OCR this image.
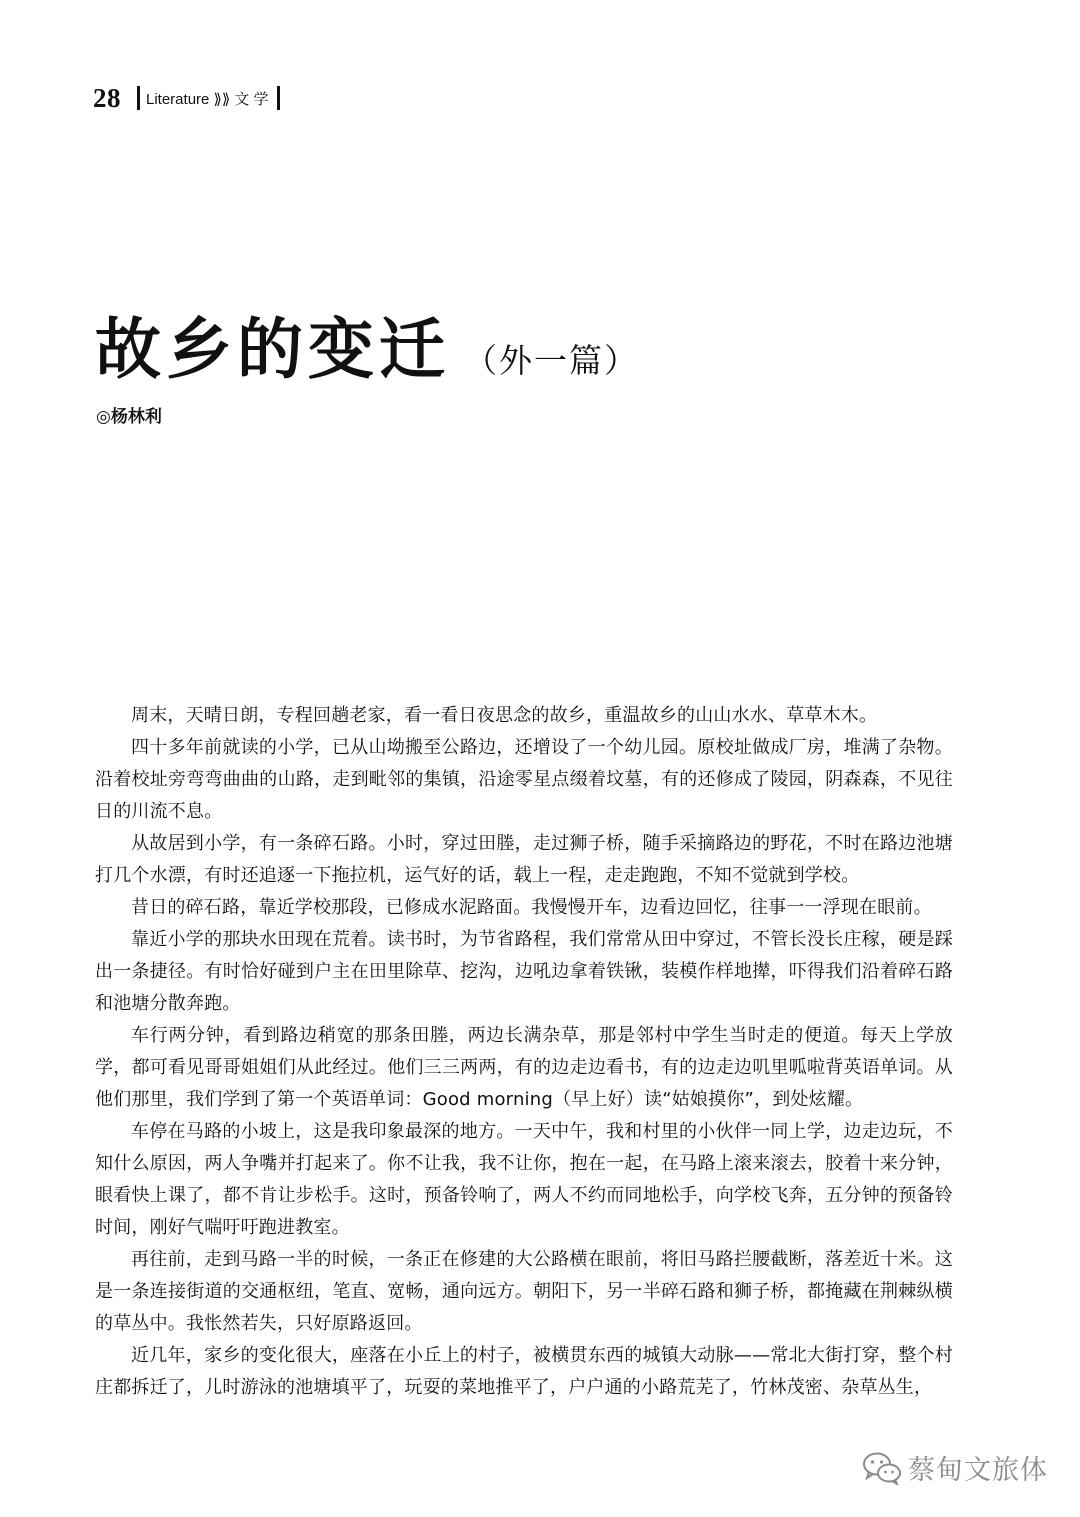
28 Literature ⟫⟫ 文 学
故乡的变迁 （外一篇）
◎杨林利

周末，天晴日朗，专程回趟老家，看一看日夜思念的故乡，重温故乡的山山水水、草草木木。

四十多年前就读的小学，已从山坳搬至公路边，还增设了一个幼儿园。原校址做成厂房，堆满了杂物。沿着校址旁弯弯曲曲的山路，走到毗邻的集镇，沿途零星点缀着坟墓，有的还修成了陵园，阴森森，不见往日的川流不息。

从故居到小学，有一条碎石路。小时，穿过田塍，走过狮子桥，随手采摘路边的野花，不时在路边池塘打几个水漂，有时还追逐一下拖拉机，运气好的话，载上一程，走走跑跑，不知不觉就到学校。

昔日的碎石路，靠近学校那段，已修成水泥路面。我慢慢开车，边看边回忆，往事一一浮现在眼前。

靠近小学的那块水田现在荒着。读书时，为节省路程，我们常常从田中穿过，不管长没长庄稼，硬是踩出一条捷径。有时恰好碰到户主在田里除草、挖沟，边吼边拿着铁锹，装模作样地撵，吓得我们沿着碎石路和池塘分散奔跑。

车行两分钟，看到路边稍宽的那条田塍，两边长满杂草，那是邻村中学生当时走的便道。每天上学放学，都可看见哥哥姐姐们从此经过。他们三三两两，有的边走边看书，有的边走边叽里呱啦背英语单词。从他们那里，我们学到了第一个英语单词：Good morning（早上好）读“姑娘摸你”，到处炫耀。

车停在马路的小坡上，这是我印象最深的地方。一天中午，我和村里的小伙伴一同上学，边走边玩，不知什么原因，两人争嘴并打起来了。你不让我，我不让你，抱在一起，在马路上滚来滚去，胶着十来分钟，眼看快上课了，都不肯让步松手。这时，预备铃响了，两人不约而同地松手，向学校飞奔，五分钟的预备铃时间，刚好气喘吁吁跑进教室。

再往前，走到马路一半的时候，一条正在修建的大公路横在眼前，将旧马路拦腰截断，落差近十米。这是一条连接街道的交通枢纽，笔直、宽畅，通向远方。朝阳下，另一半碎石路和狮子桥，都掩藏在荆棘纵横的草丛中。我怅然若失，只好原路返回。

近几年，家乡的变化很大，座落在小丘上的村子，被横贯东西的城镇大动脉——常北大街打穿，整个村庄都拆迁了，儿时游泳的池塘填平了，玩耍的菜地推平了，户户通的小路荒芜了，竹林茂密、杂草丛生，

蔡甸文旅体
